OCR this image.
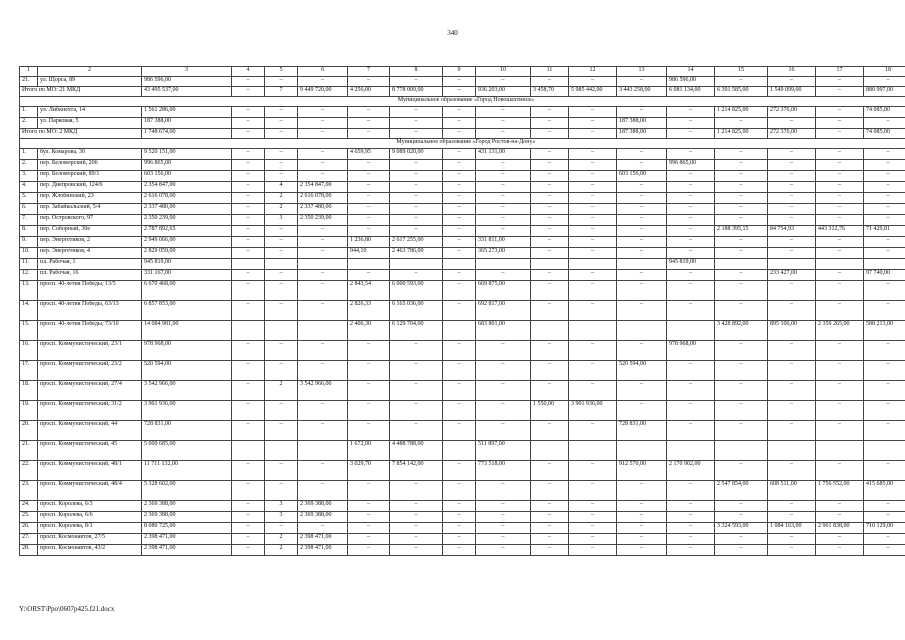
340
1	2	3	4	5	6	7	8	9	10	11	12	13	14	15	16	17	18
21.	ул. Щорса, 89	986 596,00	–	–	–	–	–	–	–	–	–	–	986 596,00	–	–	–	–
Итого по МО: 21 МКД		43 495 537,00	–	7	9 449 720,00	4 256,00	8 778 009,00	–	936 203,00	3 458,70	5 985 442,00	3 443 258,00	6 081 134,00	6 391 585,00	1 549 099,00	–	880 997,00
Муниципальное образование «Город Новошахтинск»																	
1.	ул. Либкнехта, 14	1 561 286,00	–	–	–	–	–	–	–	–	–	–	–	1 214 825,00	272 376,00	–	74 085,00
2.	ул. Парковая, 5	187 388,00	–	–	–	–	–	–	–	–	–	187 388,00	–	–	–	–	–
Итого по МО: 2 МКД		1 748 674,00	–	–	–	–	–	–	–	–	–	187 388,00	–	1 214 825,00	272 376,00	–	74 085,00
Муниципальное образование «Город Ростов-на-Дону»																	
1.	бул. Комарова, 30	9 520 151,00	–	–	–	4 659,95	9 089 020,00	–	431 131,00	–	–	–	–	–	–	–	–
2.	пер. Беломорский, 20б	996 865,00	–	–	–	–	–	–	–	–	–	–	996 865,00	–	–	–	–
3.	пер. Беломорский, 89/1	603 156,00	–	–	–	–	–	–	–	–	–	603 156,00	–	–	–	–	–
4.	пер. Днепровский, 124/6	2 354 847,00	–	4	2 354 847,00	–	–	–	–	–	–	–	–	–	–	–	–
5.	пер. Жлобинский, 23	2 616 078,00	–	2	2 616 078,00	–	–	–	–	–	–	–	–	–	–	–	–
6.	пер. Забайкальский, 5/4	2 337 480,00	–	2	2 337 480,00	–	–	–	–	–	–	–	–	–	–	–	–
7.	пер. Островского, 97	2 350 239,00	–	3	2 350 239,00	–	–	–	–	–	–	–	–	–	–	–	–
8.	пер. Соборный, 30е	2 787 892,65	–	–	–	–	–	–	–	–	–	–	–	2 188 395,15	84 754,93	443 312,76	71 429,81
9.	пер. Энергетиков, 2	2 949 066,00	–	–	–	1 236,80	2 617 255,00	–	331 811,00	–	–	–	–	–	–	–	–
10.	пер. Энергетиков, 4	2 829 059,00	–	–	–	944,10	2 463 786,00	–	365 273,00	–	–	–	–	–	–	–	–
11.	пл. Рабочая, 1	945 819,00											945 819,00				
12.	пл. Рабочая, 16	331 167,00	–	–	–	–	–	–	–	–	–	–	–	–	233 427,00	–	97 740,00
13.	просп. 40-летия Победы, 13/5	6 670 468,00	–	–	–	2 843,54	6 000 593,00	–	669 875,00	–	–	–	–	–	–	–	–
14.	просп. 40-летия Победы, 63/13	6 857 853,00	–	–	–	2 826,33	6 165 036,00	–	692 817,00	–	–	–	–	–	–	–	–
15.	просп. 40-летия Победы, 73/10	14 084 981,00				2 406,30	6 129 704,00		683 801,00					3 428 892,00	895 106,00	2 359 265,00	588 213,00
16.	просп. Коммунистический, 23/1	978 968,00	–	–	–	–	–	–	–	–	–	–	978 968,00	–	–	–	–
17.	просп. Коммунистический, 23/2	520 594,00	–	–	–	–	–	–	–	–	–	520 594,00	–	–	–	–	–
18.	просп. Коммунистический, 27/4	3 542 966,00	–	2	3 542 966,00	–	–	–	–	–	–	–	–	–	–	–	–
19.	просп. Коммунистический, 31/2	3 901 936,00	–	–	–	–	–	–	–	1 550,00	3 901 936,00	–	–	–	–	–	–
20.	просп. Коммунистический, 44	728 831,00	–	–	–	–	–	–	–	–	–	728 831,00	–	–	–	–	–
21.	просп. Коммунистический, 45	5 000 685,00				1 672,00	4 488 788,00		511 897,00								
22.	просп. Коммунистический, 48/1	11 711 132,00	–	–	–	3 029,70	7 854 142,00	–	773 518,00	–	–	912 570,00	2 170 902,00	–	–	–	–
23.	просп. Коммунистический, 48/4	5 328 602,00	–	–	–	–	–	–	–	–	–	–	–	2 547 854,00	608 511,00	1 756 552,00	415 685,00
24.	просп. Королева, 6/3	2 369 388,00	–	3	2 369 388,00	–	–	–	–	–	–	–	–	–	–	–	–
25.	просп. Королева, 6/6	2 369 388,00	–	3	2 369 388,00	–	–	–	–	–	–	–	–	–	–	–	–
26.	просп. Королева, 8/1	8 080 725,00	–	–	–	–	–	–	–	–	–	–	–	3 324 593,00	1 084 163,00	2 961 838,00	710 129,00
27.	просп. Космонавтов, 27/5	2 398 471,00	–	2	2 398 471,00	–	–	–	–	–	–	–	–	–	–	–	–
28.	просп. Космонавтов, 43/2	2 398 471,00	–	2	2 398 471,00	–	–	–	–	–	–	–	–	–	–	–	–
Y:\ORST\Ppo\0607p425.f21.docx
